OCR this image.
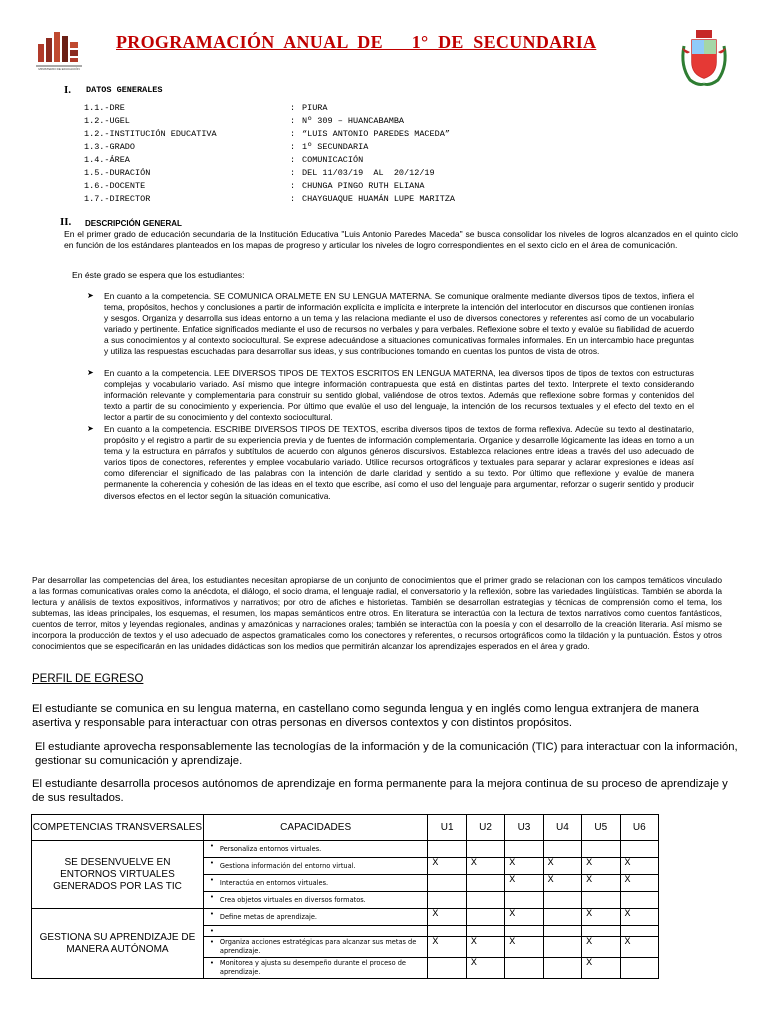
MINISTERIO DE EDUCACIÓN
PROGRAMACIÓN  ANUAL  DE      1°  DE  SECUNDARIA
I. DATOS GENERALES
1.1.-DRE	: PIURA
1.2.-UGEL	: Nº 309 – HUANCABAMBA
1.2.-INSTITUCIÓN EDUCATIVA	: “LUIS ANTONIO PAREDES MACEDA”
1.3.-GRADO	: 1º SECUNDARIA
1.4.-ÁREA	: COMUNICACIÓN
1.5.-DURACIÓN	: DEL 11/03/19  AL  20/12/19
1.6.-DOCENTE	: CHUNGA PINGO RUTH ELIANA
1.7.-DIRECTOR	: CHAYGUAQUE HUAMÁN LUPE MARITZA
II. DESCRIPCIÓN GENERAL
En el primer grado de educación secundaria de la Institución Educativa "Luis Antonio Paredes Maceda" se busca consolidar los niveles de logros alcanzados en el quinto ciclo en función de los estándares planteados en los mapas de progreso y articular los niveles de logro correspondientes en el sexto ciclo en el área de comunicación.
En éste grado se espera que los estudiantes:
➤ En cuanto a la competencia. SE COMUNICA ORALMETE EN SU LENGUA MATERNA. Se comunique oralmente mediante diversos tipos de textos, infiera el tema, propósitos, hechos y conclusiones a partir de información explícita e implícita e interprete la intención del interlocutor en discursos que contienen ironías y sesgos. Organiza y desarrolla sus ideas entorno a un tema y las relaciona mediante el uso de diversos conectores y referentes así como de un vocabulario variado y pertinente. Enfatice significados mediante el uso de recursos no verbales y para verbales. Reflexione sobre el texto y evalúe su fiabilidad de acuerdo a sus conocimientos y al contexto sociocultural. Se exprese adecuándose a situaciones comunicativas formales informales. En un intercambio hace preguntas y utiliza las respuestas escuchadas para desarrollar sus ideas, y sus contribuciones tomando en cuentas los puntos de vista de otros.
➤ En cuanto a la competencia. LEE DIVERSOS TIPOS DE TEXTOS ESCRITOS EN LENGUA MATERNA, lea diversos tipos de tipos de textos con estructuras complejas y vocabulario variado. Así mismo que integre información contrapuesta que está en distintas partes del texto. Interprete el texto considerando información relevante y complementaria para construir su sentido global, valiéndose de otros textos. Además que reflexione sobre formas y contenidos del texto a partir de su conocimiento y experiencia. Por último que evalúe el uso del lenguaje, la intención de los recursos textuales y el efecto del texto en el lector a partir de su conocimiento y del contexto sociocultural.
➤ En cuanto a la competencia. ESCRIBE DIVERSOS TIPOS DE TEXTOS, escriba diversos tipos de textos de forma reflexiva. Adecúe su texto al destinatario, propósito y el registro a partir de su experiencia previa y de fuentes de información complementaria. Organice y desarrolle lógicamente las ideas en torno a un tema y la estructura en párrafos y subtítulos de acuerdo con algunos géneros discursivos. Establezca relaciones entre ideas a través del uso adecuado de varios tipos de conectores, referentes y emplee vocabulario variado. Utilice recursos ortográficos y textuales para separar y aclarar expresiones e ideas así como diferenciar el significado de las palabras con la intención de darle claridad y sentido a su texto. Por último que reflexione y evalúe de manera permanente la coherencia y cohesión de las ideas en el texto que escribe, así como el uso del lenguaje para argumentar, reforzar o sugerir sentido y producir diversos efectos en el lector según la situación comunicativa.
Par desarrollar las competencias del área, los estudiantes necesitan apropiarse de un conjunto de conocimientos que el primer grado se relacionan con los campos temáticos vinculado a las formas comunicativas orales como la anécdota, el diálogo, el socio drama, el lenguaje radial, el conversatorio y la reflexión, sobre las variedades lingüísticas. También se aborda la lectura y análisis de textos expositivos, informativos y narrativos; por otro de afiches e historietas. También se desarrollan estrategias y técnicas de comprensión como el tema, los subtemas, las ideas principales, los esquemas, el resumen, los mapas semánticos entre otros. En literatura se interactúa con la lectura de textos narrativos como cuentos fantásticos, cuentos de terror, mitos y leyendas regionales, andinas y amazónicas y narraciones orales; también se interactúa con la poesía y con el desarrollo de la creación literaria. Así mismo se incorpora la producción de textos y el uso adecuado de aspectos gramaticales como los conectores y referentes, o recursos ortográficos como la tildación y la puntuación. Éstos y otros conocimientos que se especificarán en las unidades didácticas son los medios que permitirán alcanzar los aprendizajes esperados en el área y grado.
PERFIL DE EGRESO
El estudiante se comunica en su lengua materna, en castellano como segunda lengua y en inglés como lengua extranjera de manera asertiva y responsable para interactuar con otras personas en diversos contextos y con distintos propósitos.
El estudiante aprovecha responsablemente las tecnologías de la información y de la comunicación (TIC) para interactuar con la información, gestionar su comunicación y aprendizaje.
El estudiante desarrolla procesos autónomos de aprendizaje en forma permanente para la mejora continua de su proceso de aprendizaje y de sus resultados.
COMPETENCIAS TRANSVERSALES	CAPACIDADES	U1	U2	U3	U4	U5	U6
SE DESENVUELVE EN ENTORNOS VIRTUALES GENERADOS POR LAS TIC	• Personaliza entornos virtuales.						

	• Gestiona información del entorno virtual.	X	X	X	X	X	X

	• Interactúa en entornos virtuales.			X	X	X	X

	• Crea objetos virtuales en diversos formatos.						
GESTIONA SU APRENDIZAJE DE MANERA AUTÓNOMA	• Define metas de aprendizaje.	X		X		X	X

	•						

	• Organiza acciones estratégicas para alcanzar sus metas de aprendizaje.	X	X	X		X	X

	• Monitorea y ajusta su desempeño durante el proceso de aprendizaje.		X			X	
